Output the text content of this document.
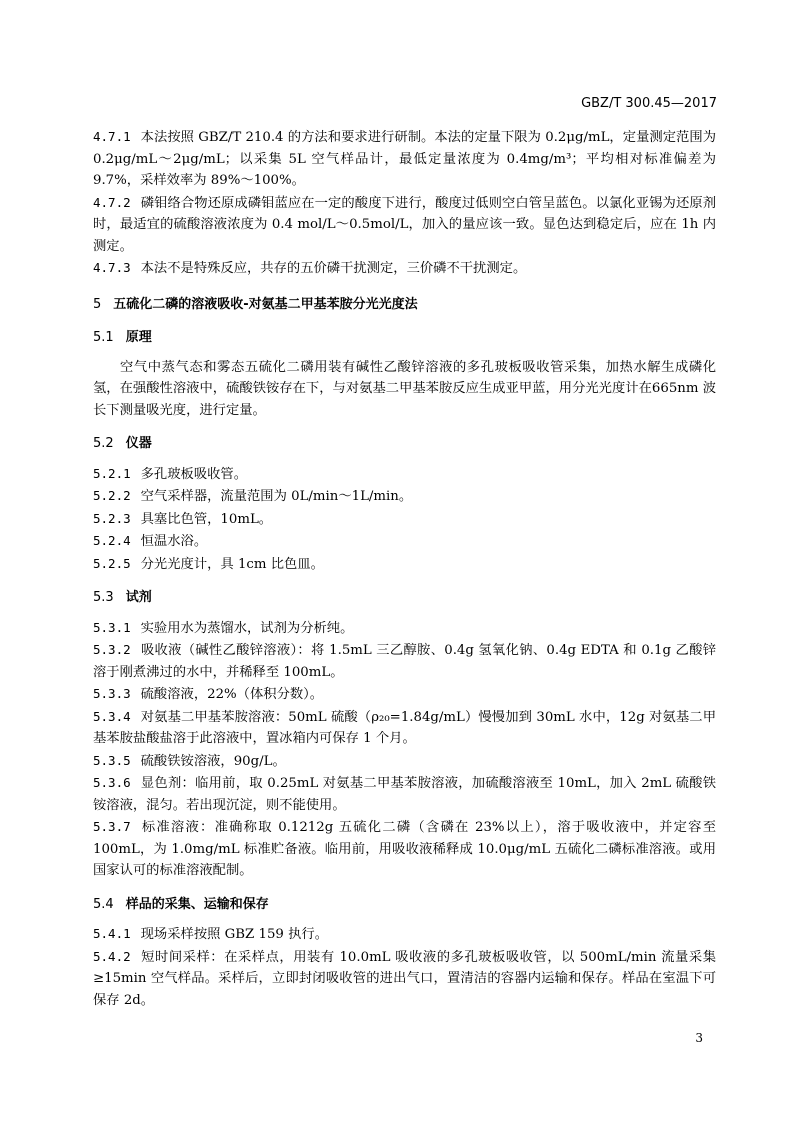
GBZ/T 300.45—2017

4.7.1 本法按照 GBZ/T 210.4 的方法和要求进行研制。本法的定量下限为 0.2μg/mL，定量测定范围为 0.2μg/mL～2μg/mL；以采集 5L 空气样品计，最低定量浓度为 0.4mg/m³；平均相对标准偏差为 9.7%，采样效率为 89%～100%。

4.7.2 磷钼络合物还原成磷钼蓝应在一定的酸度下进行，酸度过低则空白管呈蓝色。以氯化亚锡为还原剂时，最适宜的硫酸溶液浓度为 0.4 mol/L～0.5mol/L，加入的量应该一致。显色达到稳定后，应在 1h 内测定。

4.7.3 本法不是特殊反应，共存的五价磷干扰测定，三价磷不干扰测定。

5 五硫化二磷的溶液吸收-对氨基二甲基苯胺分光光度法
5.1 原理

空气中蒸气态和雾态五硫化二磷用装有碱性乙酸锌溶液的多孔玻板吸收管采集，加热水解生成磷化氢，在强酸性溶液中，硫酸铁铵存在下，与对氨基二甲基苯胺反应生成亚甲蓝，用分光光度计在665nm 波长下测量吸光度，进行定量。

5.2 仪器

5.2.1 多孔玻板吸收管。

5.2.2 空气采样器，流量范围为 0L/min～1L/min。

5.2.3 具塞比色管，10mL。

5.2.4 恒温水浴。

5.2.5 分光光度计，具 1cm 比色皿。

5.3 试剂

5.3.1 实验用水为蒸馏水，试剂为分析纯。

5.3.2 吸收液（碱性乙酸锌溶液）：将 1.5mL 三乙醇胺、0.4g 氢氧化钠、0.4g EDTA 和 0.1g 乙酸锌溶于刚煮沸过的水中，并稀释至 100mL。

5.3.3 硫酸溶液，22%（体积分数）。

5.3.4 对氨基二甲基苯胺溶液：50mL 硫酸（ρ₂₀=1.84g/mL）慢慢加到 30mL 水中，12g 对氨基二甲基苯胺盐酸盐溶于此溶液中，置冰箱内可保存 1 个月。

5.3.5 硫酸铁铵溶液，90g/L。

5.3.6 显色剂：临用前，取 0.25mL 对氨基二甲基苯胺溶液，加硫酸溶液至 10mL，加入 2mL 硫酸铁铵溶液，混匀。若出现沉淀，则不能使用。

5.3.7 标准溶液：准确称取 0.1212g 五硫化二磷（含磷在 23%以上），溶于吸收液中，并定容至 100mL，为 1.0mg/mL 标准贮备液。临用前，用吸收液稀释成 10.0μg/mL 五硫化二磷标准溶液。或用国家认可的标准溶液配制。

5.4 样品的采集、运输和保存

5.4.1 现场采样按照 GBZ 159 执行。

5.4.2 短时间采样：在采样点，用装有 10.0mL 吸收液的多孔玻板吸收管，以 500mL/min 流量采集≥15min 空气样品。采样后，立即封闭吸收管的进出气口，置清洁的容器内运输和保存。样品在室温下可保存 2d。

3
